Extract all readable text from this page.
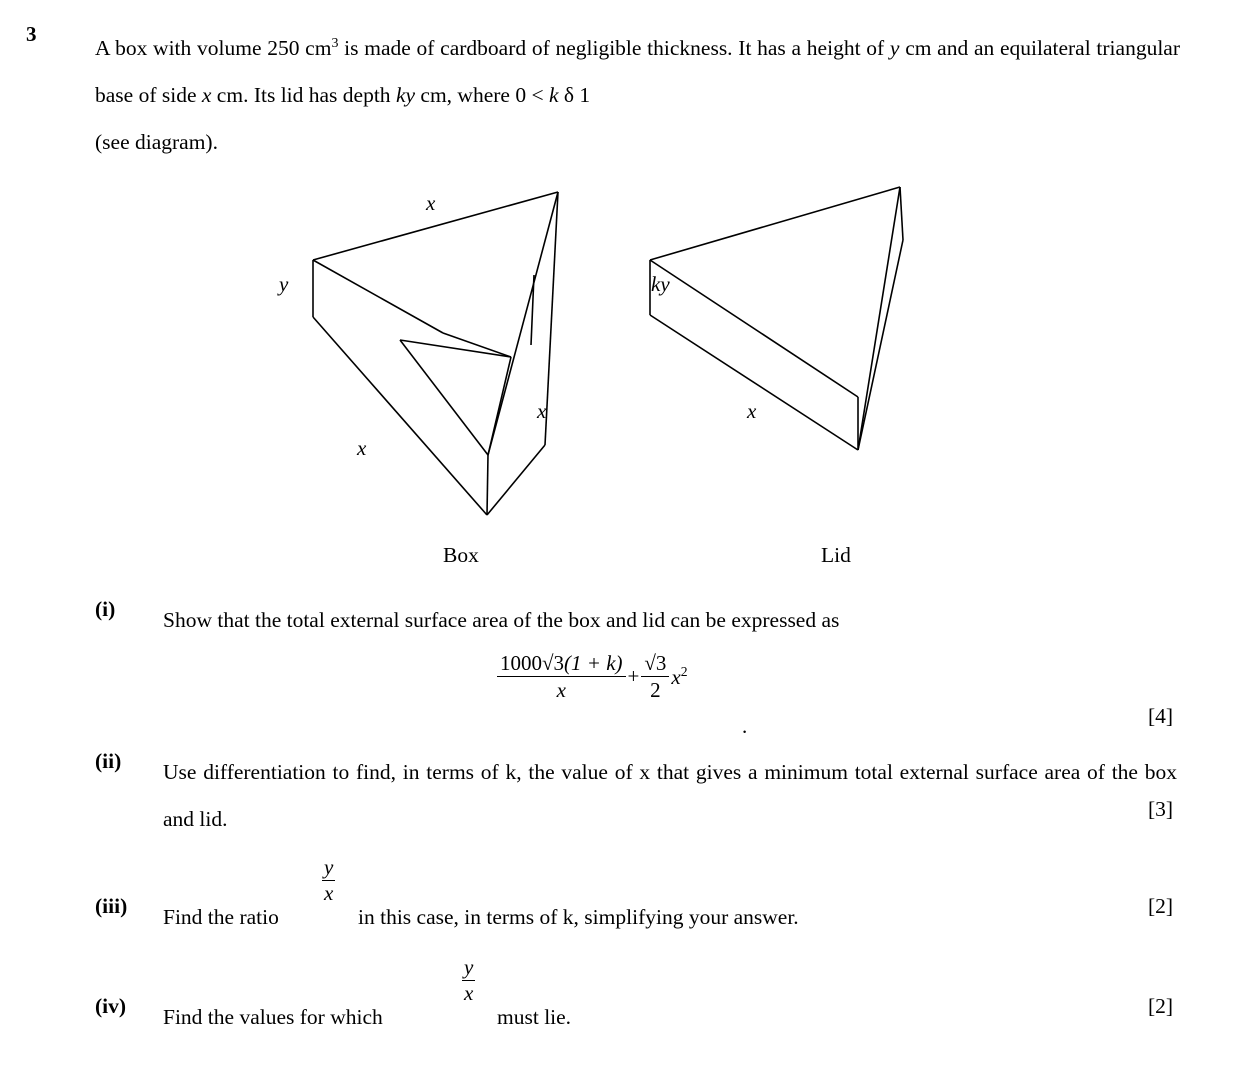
3
A box with volume 250 $cm^3$ is made of cardboard of negligible thickness. It has a height of y cm and an equilateral triangular base of side x cm. Its lid has depth ky cm, where 0 < k δ 1
(see diagram).
x
y
x
x
ky
x
Box	Lid
(i) Show that the total external surface area of the box and lid can be expressed as
$\frac{1000√3(1 + k)}{x} + \frac{√3}{2} x^2$
.	[4]
(ii) Use differentiation to find, in terms of k, the value of x that gives a minimum total external surface area of the box and lid.	[3]
(iii) Find the ratio
$\frac{y}{x}$
in this case, in terms of k, simplifying your answer.	[2]
(iv) Find the values for which
$\frac{y}{x}$
must lie.	[2]
